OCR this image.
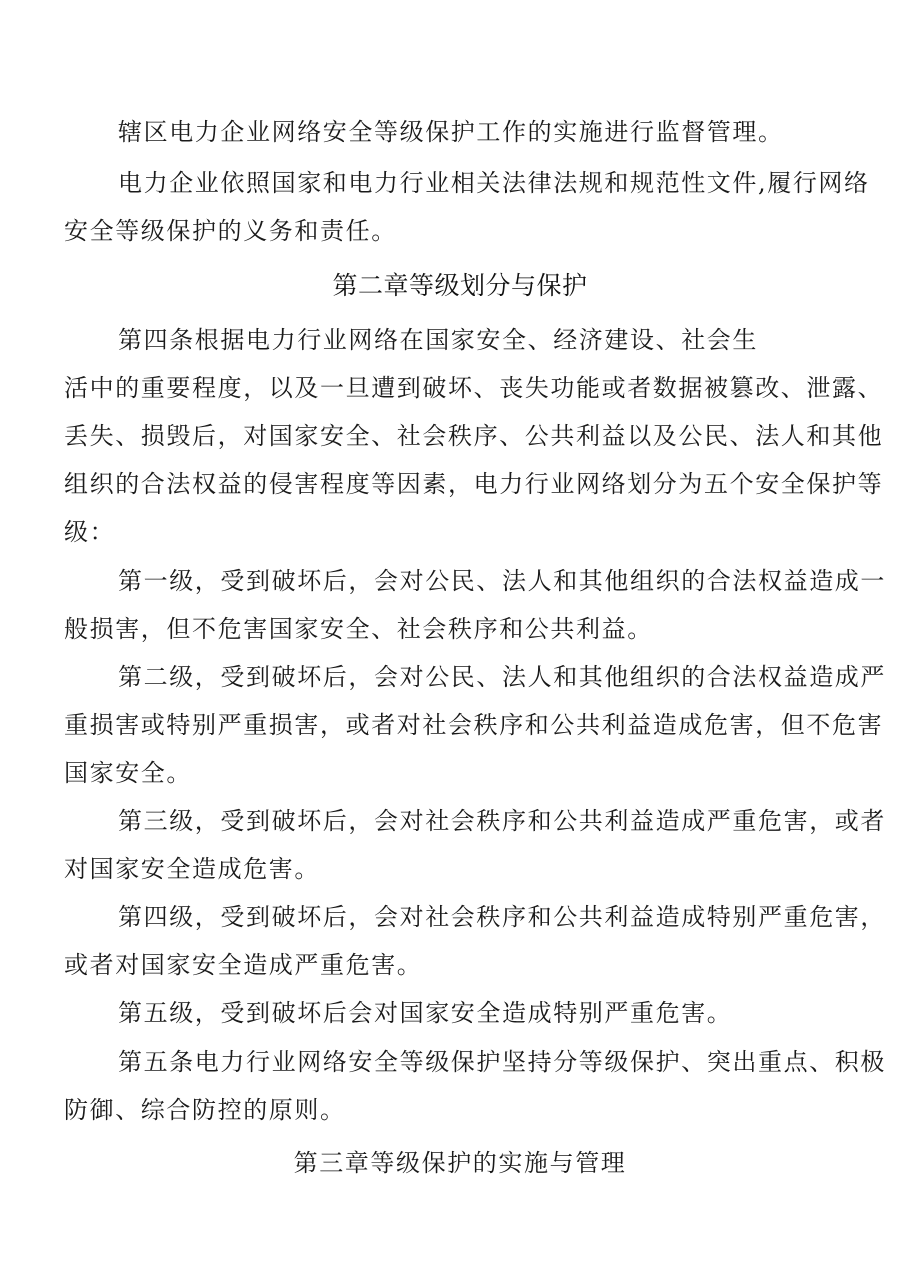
辖区电力企业网络安全等级保护工作的实施进行监督管理。
电力企业依照国家和电力行业相关法律法规和规范性文件,履行网络
安全等级保护的义务和责任。
第二章等级划分与保护
第四条根据电力行业网络在国家安全、经济建设、社会生
活中的重要程度，以及一旦遭到破坏、丧失功能或者数据被篡改、泄露、
丢失、损毁后，对国家安全、社会秩序、公共利益以及公民、法人和其他
组织的合法权益的侵害程度等因素，电力行业网络划分为五个安全保护等
级：
第一级，受到破坏后，会对公民、法人和其他组织的合法权益造成一
般损害，但不危害国家安全、社会秩序和公共利益。
第二级，受到破坏后，会对公民、法人和其他组织的合法权益造成严
重损害或特别严重损害，或者对社会秩序和公共利益造成危害，但不危害
国家安全。
第三级，受到破坏后，会对社会秩序和公共利益造成严重危害，或者
对国家安全造成危害。
第四级，受到破坏后，会对社会秩序和公共利益造成特别严重危害，
或者对国家安全造成严重危害。
第五级，受到破坏后会对国家安全造成特别严重危害。
第五条电力行业网络安全等级保护坚持分等级保护、突出重点、积极
防御、综合防控的原则。
第三章等级保护的实施与管理
